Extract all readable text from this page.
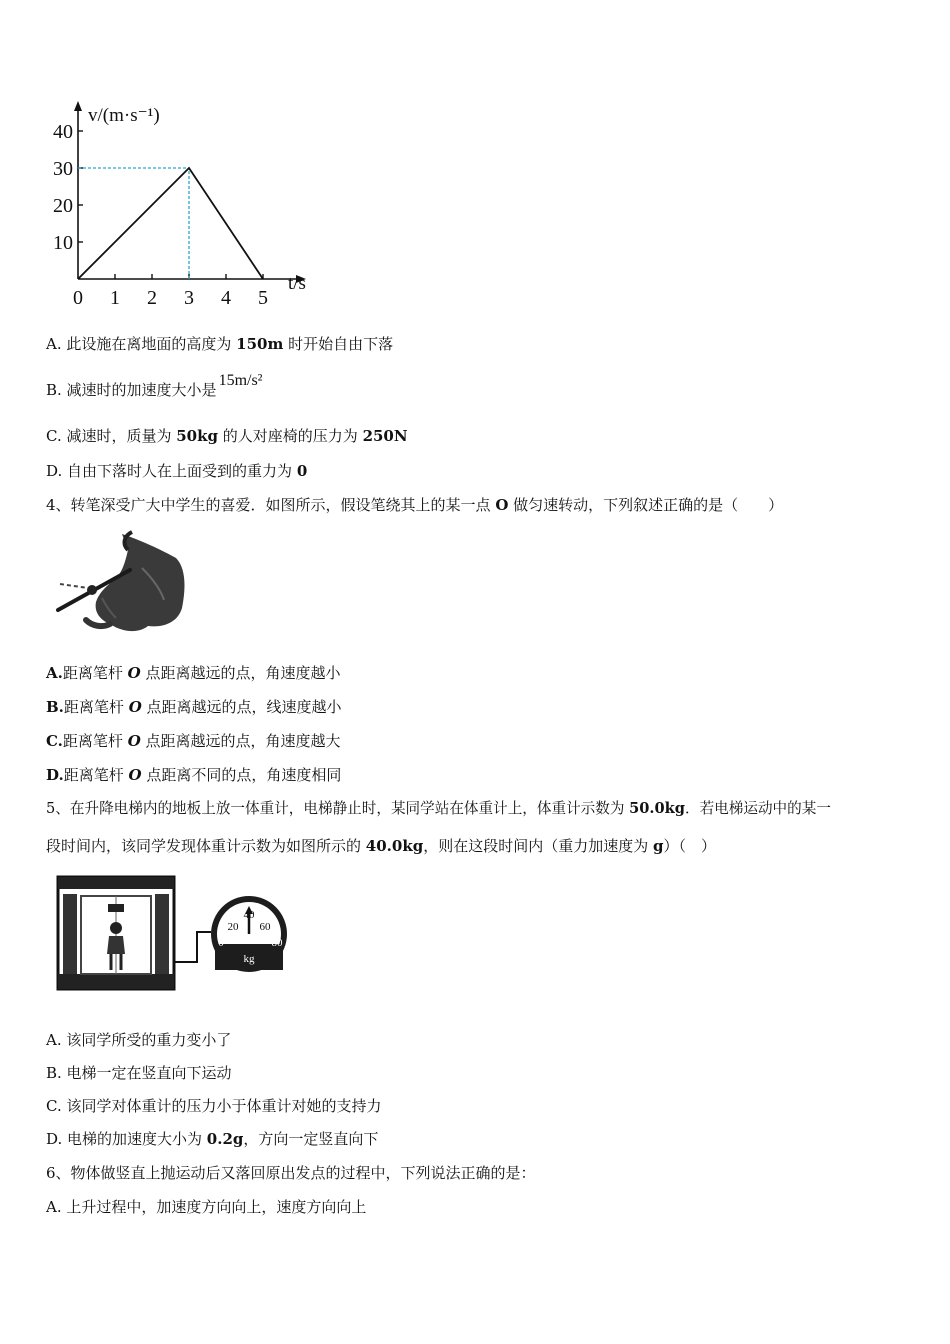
0 1 2 3 4 5
10
20
30
40
v/(m·s⁻¹)
t/s
A. 此设施在离地面的高度为 150m 时开始自由下落
B. 减速时的加速度大小是15m/s²
C. 减速时，质量为 50kg 的人对座椅的压力为 250N
D. 自由下落时人在上面受到的重力为 0
4、转笔深受广大中学生的喜爱．如图所示，假设笔绕其上的某一点 O 做匀速转动，下列叙述正确的是（　　）
A.距离笔杆 O 点距离越远的点，角速度越小
B.距离笔杆 O 点距离越远的点，线速度越小
C.距离笔杆 O 点距离越远的点，角速度越大
D.距离笔杆 O 点距离不同的点，角速度相同
5、在升降电梯内的地板上放一体重计，电梯静止时，某同学站在体重计上，体重计示数为 50.0kg．若电梯运动中的某一
段时间内，该同学发现体重计示数为如图所示的 40.0kg，则在这段时间内（重力加速度为 g）（　）
0
20
40
60
80
kg
A. 该同学所受的重力变小了
B. 电梯一定在竖直向下运动
C. 该同学对体重计的压力小于体重计对她的支持力
D. 电梯的加速度大小为 0.2g，方向一定竖直向下
6、物体做竖直上抛运动后又落回原出发点的过程中，下列说法正确的是：
A. 上升过程中，加速度方向向上，速度方向向上
